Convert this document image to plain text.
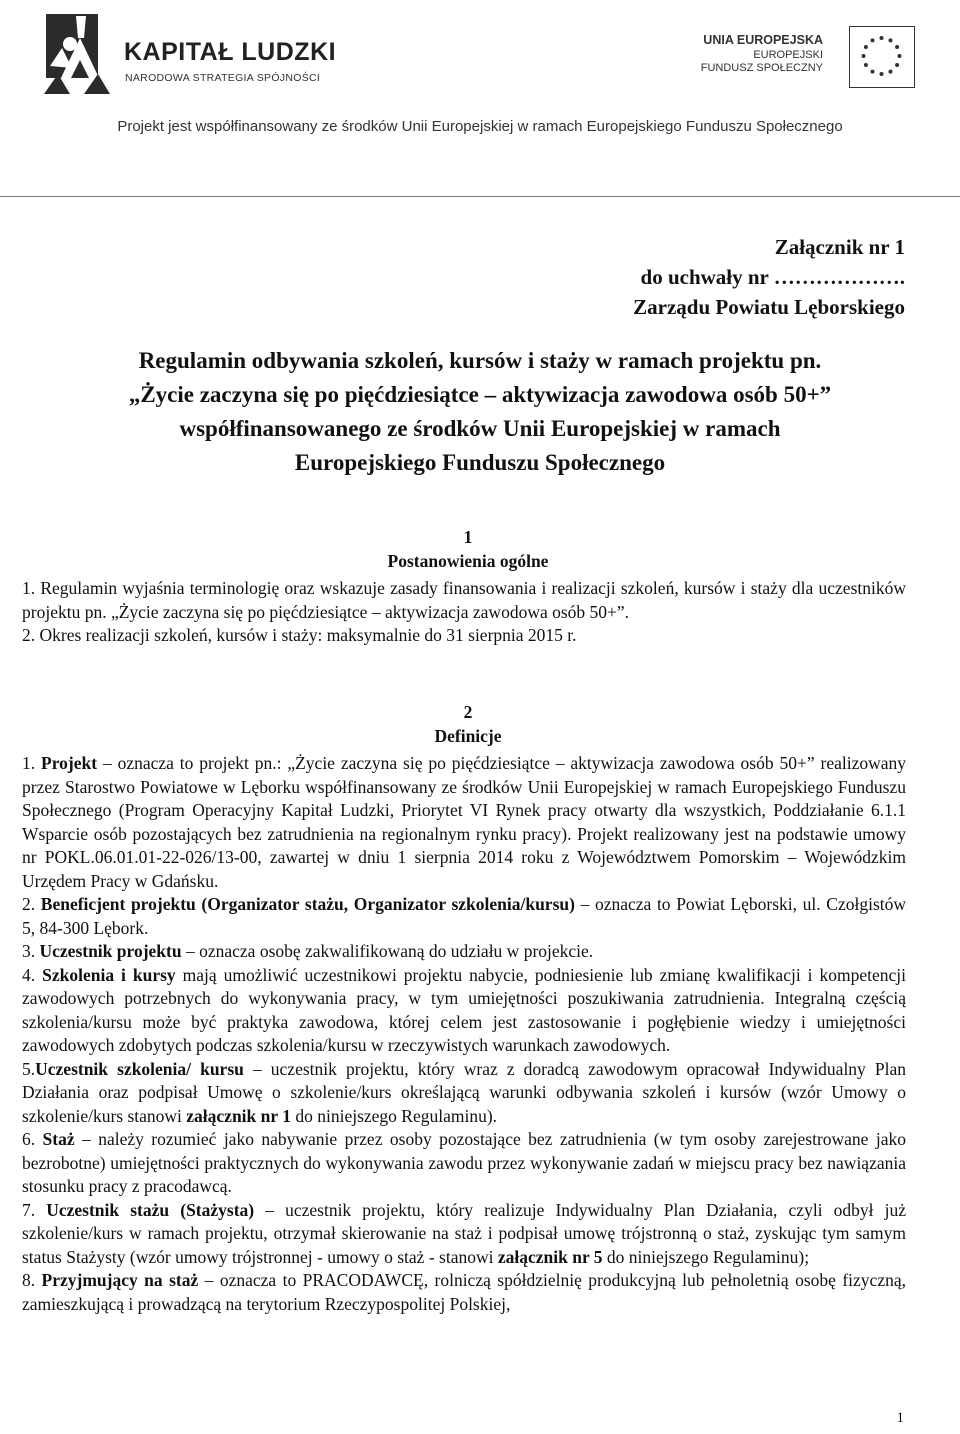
KAPITAŁ LUDZKI
NARODOWA STRATEGIA SPÓJNOŚCI
UNIA EUROPEJSKA
EUROPEJSKI
FUNDUSZ SPOŁECZNY
Projekt jest współfinansowany ze środków Unii Europejskiej w ramach Europejskiego Funduszu Społecznego
Załącznik nr 1
do uchwały nr ……………….
Zarządu Powiatu Lęborskiego
Regulamin odbywania szkoleń, kursów i staży w ramach projektu pn.
„Życie zaczyna się po pięćdziesiątce – aktywizacja zawodowa osób 50+”
współfinansowanego ze środków Unii Europejskiej w ramach
Europejskiego Funduszu Społecznego
1
Postanowienia ogólne

1. Regulamin wyjaśnia terminologię oraz wskazuje zasady finansowania i realizacji szkoleń, kursów i staży dla uczestników projektu pn. „Życie zaczyna się po pięćdziesiątce – aktywizacja zawodowa osób 50+”.

2. Okres realizacji szkoleń, kursów i staży: maksymalnie do 31 sierpnia 2015 r.

2
Definicje

1. Projekt – oznacza to projekt pn.: „Życie zaczyna się po pięćdziesiątce – aktywizacja zawodowa osób 50+” realizowany przez Starostwo Powiatowe w Lęborku współfinansowany ze środków Unii Europejskiej w ramach Europejskiego Funduszu Społecznego (Program Operacyjny Kapitał Ludzki, Priorytet VI Rynek pracy otwarty dla wszystkich, Poddziałanie 6.1.1 Wsparcie osób pozostających bez zatrudnienia na regionalnym rynku pracy). Projekt realizowany jest na podstawie umowy nr POKL.06.01.01-22-026/13-00, zawartej w dniu 1 sierpnia 2014 roku z Województwem Pomorskim – Wojewódzkim Urzędem Pracy w Gdańsku.

2. Beneficjent projektu (Organizator stażu, Organizator szkolenia/kursu) – oznacza to Powiat Lęborski, ul. Czołgistów 5, 84-300 Lębork.

3. Uczestnik projektu – oznacza osobę zakwalifikowaną do udziału w projekcie.

4. Szkolenia i kursy mają umożliwić uczestnikowi projektu nabycie, podniesienie lub zmianę kwalifikacji i kompetencji zawodowych potrzebnych do wykonywania pracy, w tym umiejętności poszukiwania zatrudnienia. Integralną częścią szkolenia/kursu może być praktyka zawodowa, której celem jest zastosowanie i pogłębienie wiedzy i umiejętności zawodowych zdobytych podczas szkolenia/kursu w rzeczywistych warunkach zawodowych.

5.Uczestnik szkolenia/ kursu – uczestnik projektu, który wraz z doradcą zawodowym opracował Indywidualny Plan Działania oraz podpisał Umowę o szkolenie/kurs określającą warunki odbywania szkoleń i kursów (wzór Umowy o szkolenie/kurs stanowi załącznik nr 1 do niniejszego Regulaminu).

6. Staż – należy rozumieć jako nabywanie przez osoby pozostające bez zatrudnienia (w tym osoby zarejestrowane jako bezrobotne) umiejętności praktycznych do wykonywania zawodu przez wykonywanie zadań w miejscu pracy bez nawiązania stosunku pracy z pracodawcą.

7. Uczestnik stażu (Stażysta) – uczestnik projektu, który realizuje Indywidualny Plan Działania, czyli odbył już szkolenie/kurs w ramach projektu, otrzymał skierowanie na staż i podpisał umowę trójstronną o staż, zyskując tym samym status Stażysty (wzór umowy trójstronnej - umowy o staż - stanowi załącznik nr 5 do niniejszego Regulaminu);

8. Przyjmujący na staż – oznacza to PRACODAWCĘ, rolniczą spółdzielnię produkcyjną lub pełnoletnią osobę fizyczną, zamieszkującą i prowadzącą na terytorium Rzeczypospolitej Polskiej,

1
